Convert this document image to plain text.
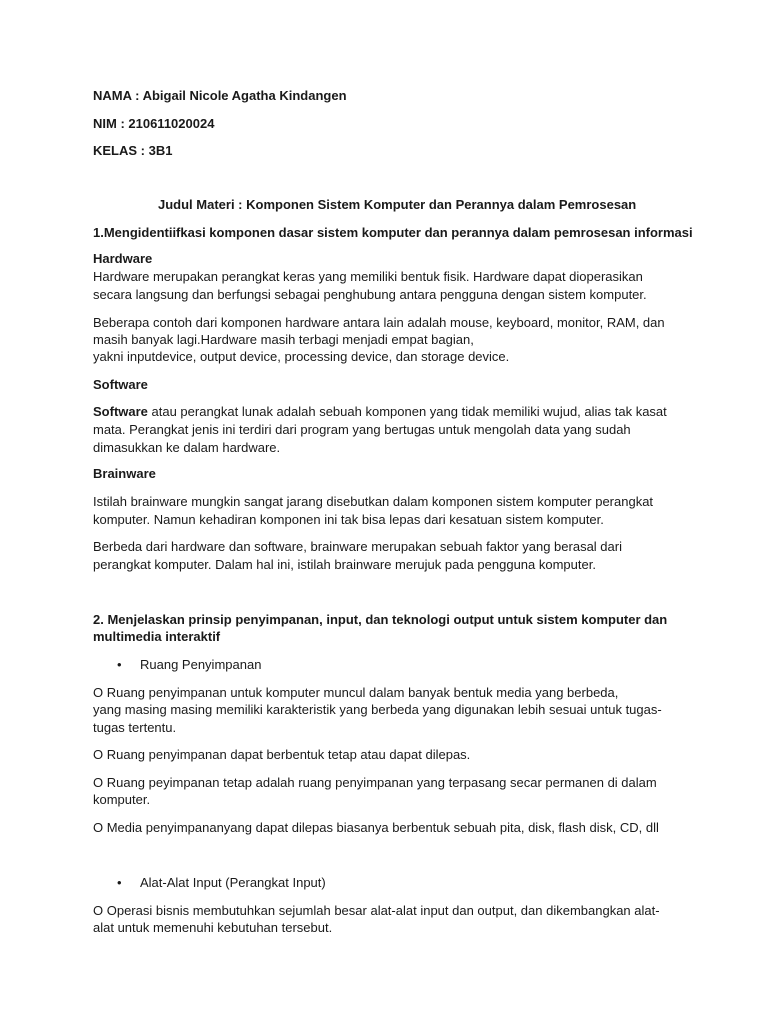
NAMA : Abigail Nicole Agatha Kindangen
NIM : 210611020024
KELAS : 3B1
Judul Materi : Komponen Sistem Komputer dan Perannya dalam Pemrosesan
1.Mengidentiifkasi komponen dasar sistem komputer dan perannya dalam pemrosesan informasi
Hardware
Hardware merupakan perangkat keras yang memiliki bentuk fisik. Hardware dapat dioperasikan
secara langsung dan berfungsi sebagai penghubung antara pengguna dengan sistem komputer.
Beberapa contoh dari komponen hardware antara lain adalah mouse, keyboard, monitor, RAM, dan
masih banyak lagi.Hardware masih terbagi menjadi empat bagian,
yakni inputdevice, output device, processing device, dan storage device.
Software
Software atau perangkat lunak adalah sebuah komponen yang tidak memiliki wujud, alias tak kasat
mata. Perangkat jenis ini terdiri dari program yang bertugas untuk mengolah data yang sudah
dimasukkan ke dalam hardware.
Brainware
Istilah brainware mungkin sangat jarang disebutkan dalam komponen sistem komputer perangkat
komputer. Namun kehadiran komponen ini tak bisa lepas dari kesatuan sistem komputer.
Berbeda dari hardware dan software, brainware merupakan sebuah faktor yang berasal dari
perangkat komputer. Dalam hal ini, istilah brainware merujuk pada pengguna komputer.
2. Menjelaskan prinsip penyimpanan, input, dan teknologi output untuk sistem komputer dan
multimedia interaktif
• Ruang Penyimpanan
O Ruang penyimpanan untuk komputer muncul dalam banyak bentuk media yang berbeda,
yang masing masing memiliki karakteristik yang berbeda yang digunakan lebih sesuai untuk tugas-
tugas tertentu.
O Ruang penyimpanan dapat berbentuk tetap atau dapat dilepas.
O Ruang peyimpanan tetap adalah ruang penyimpanan yang terpasang secar permanen di dalam
komputer.
O Media penyimpananyang dapat dilepas biasanya berbentuk sebuah pita, disk, flash disk, CD, dll
• Alat-Alat Input (Perangkat Input)
O Operasi bisnis membutuhkan sejumlah besar alat-alat input dan output, dan dikembangkan alat-
alat untuk memenuhi kebutuhan tersebut.
